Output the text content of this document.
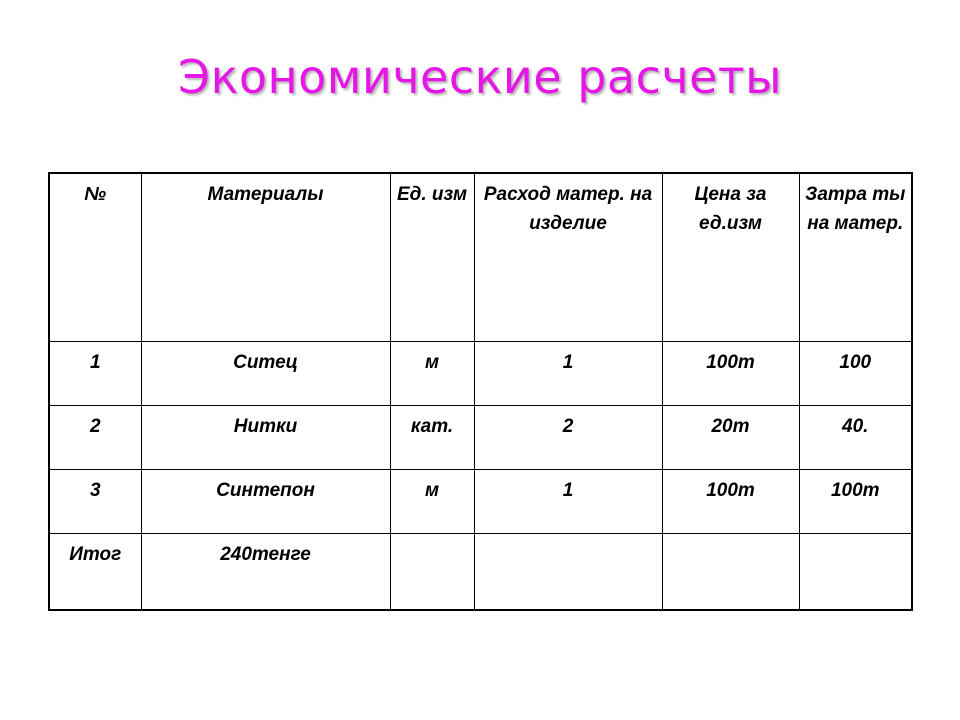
Экономические расчеты
№	Материалы	Ед. изм	Расход матер. на изделие	Цена за ед.изм	Затра ты на матер.
1	Ситец	м	1	100т	100
2	Нитки	кат.	2	20т	40.
3	Синтепон	м	1	100т	100т
Итог	240тенге				
